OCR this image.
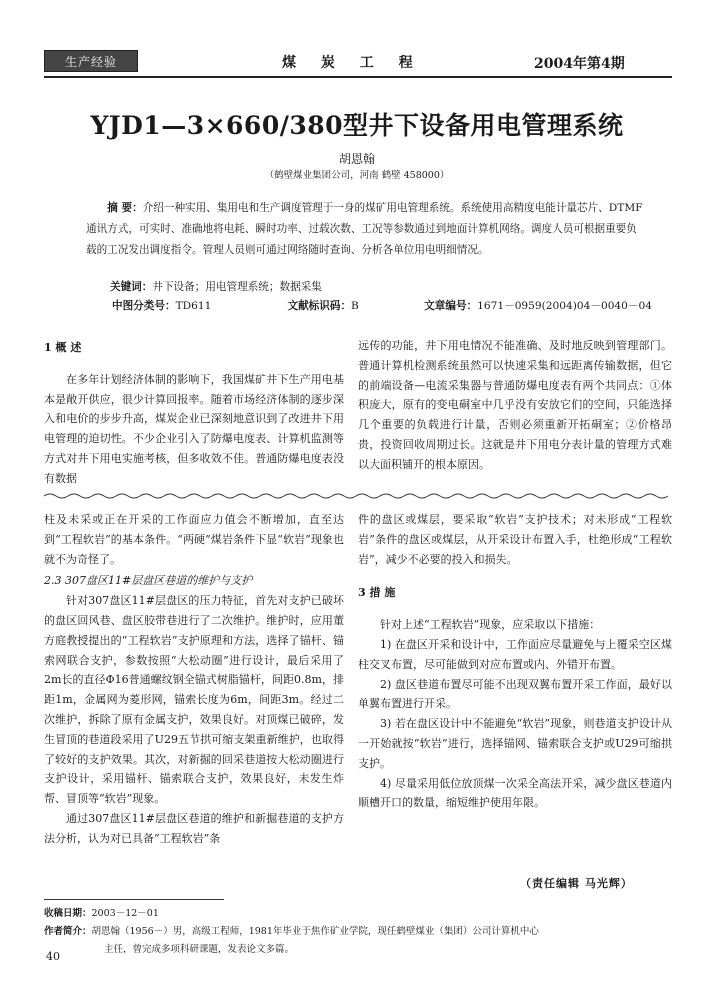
生产经验	煤 炭 工 程	2004年第4期
YJD1—3×660/380型井下设备用电管理系统
胡恩翰
（鹤壁煤业集团公司，河南 鹤壁 458000）

摘 要：介绍一种实用、集用电和生产调度管理于一身的煤矿用电管理系统。系统使用高精度电能计量芯片、DTMF通讯方式，可实时、准确地将电耗、瞬时功率、过载次数、工况等参数通过到地面计算机网络。调度人员可根据重要负载的工况发出调度指令。管理人员则可通过网络随时查询、分析各单位用电明细情况。

关键词：井下设备；用电管理系统；数据采集
中图分类号：TD611	文献标识码：B	文章编号：1671－0959(2004)04－0040－04
1 概 述

在多年计划经济体制的影响下，我国煤矿井下生产用电基本是敞开供应，很少计算回报率。随着市场经济体制的逐步深入和电价的步步升高，煤炭企业已深刻地意识到了改进井下用电管理的迫切性。不少企业引入了防爆电度表、计算机监测等方式对井下用电实施考核，但多收效不佳。普通防爆电度表没有数据

远传的功能，井下用电情况不能准确、及时地反映到管理部门。普通计算机检测系统虽然可以快速采集和远距离传输数据，但它的前端设备—电流采集器与普通防爆电度表有两个共同点：①体积庞大，原有的变电硐室中几乎没有安放它们的空间，只能选择几个重要的负载进行计量，否则必须重新开拓硐室；②价格昂贵，投资回收周期过长。这就是井下用电分表计量的管理方式难以大面积铺开的根本原因。

柱及未采或正在开采的工作面应力值会不断增加，直至达到“工程软岩”的基本条件。“两硬”煤岩条件下显“软岩”现象也就不为奇怪了。

2.3 307盘区11#层盘区巷道的维护与支护

针对307盘区11#层盘区的压力特征，首先对支护已破坏的盘区回风巷、盘区胶带巷进行了二次维护。维护时，应用董方庭教授提出的“工程软岩”支护原理和方法，选择了锚杆、锚索网联合支护，参数按照“大松动圈”进行设计，最后采用了2m长的直径Φ16普通螺纹钢全锚式树脂锚杆，间距0.8m，排距1m，金属网为菱形网，锚索长度为6m，间距3m。经过二次维护，拆除了原有金属支护，效果良好。对顶煤已破碎，发生冒顶的巷道段采用了U29五节拱可缩支架重新维护，也取得了较好的支护效果。其次，对新掘的回采巷道按大松动圈进行支护设计，采用锚杆、锚索联合支护，效果良好，未发生炸帮、冒顶等“软岩”现象。

通过307盘区11#层盘区巷道的维护和新掘巷道的支护方法分析，认为对已具备“工程软岩”条

件的盘区或煤层，要采取“软岩”支护技术；对未形成“工程软岩”条件的盘区或煤层，从开采设计布置入手，杜绝形成“工程软岩”，减少不必要的投入和损失。

3 措 施

针对上述“工程软岩”现象，应采取以下措施：

1) 在盘区开采和设计中，工作面应尽量避免与上覆采空区煤柱交叉布置，尽可能做到对应布置或内、外错开布置。

2) 盘区巷道布置尽可能不出现双翼布置开采工作面，最好以单翼布置进行开采。

3) 若在盘区设计中不能避免“软岩”现象，则巷道支护设计从一开始就按“软岩”进行，选择锚网、锚索联合支护或U29可缩拱支护。

4) 尽量采用低位放顶煤一次采全高法开采，减少盘区巷道内顺槽开口的数量，缩短维护使用年限。

（责任编辑 马光辉）
收稿日期：2003－12－01
作者简介：胡恩翰（1956－）男，高级工程师，1981年毕业于焦作矿业学院，现任鹤壁煤业（集团）公司计算机中心
主任，曾完成多项科研课题，发表论文多篇。
40
